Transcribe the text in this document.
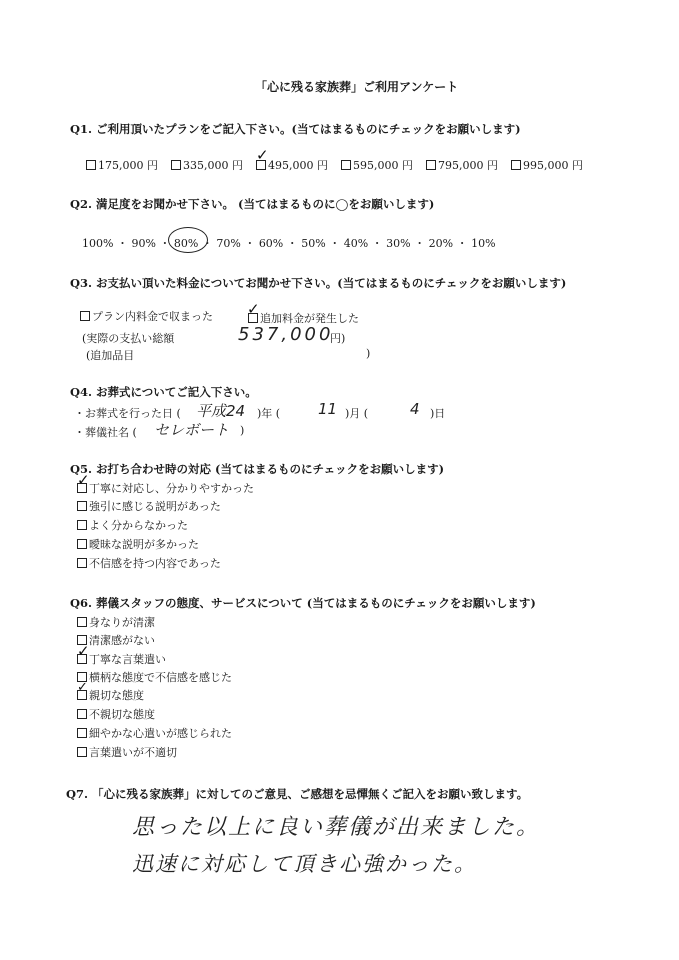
「心に残る家族葬」ご利用アンケート
Q1. ご利用頂いたプランをご記入下さい。(当てはまるものにチェックをお願いします)
175,000 円	335,000 円	495,000 円	595,000 円	795,000 円	995,000 円
✓
Q2. 満足度をお聞かせ下さい。 (当てはまるものに◯をお願いします)
100% ・ 90% ・ 80% ・ 70% ・ 60% ・ 50% ・ 40% ・ 30% ・ 20% ・ 10%
Q3. お支払い頂いた料金についてお聞かせ下さい。(当てはまるものにチェックをお願いします)
プラン内料金で収まった	追加料金が発生した
✓
(実際の支払い総額	537,000
円)
(追加品目	)
Q4. お葬式についてご記入下さい。
・お葬式を行った日 ( 平成24 )年 (	11 )月 (	4 )日
・葬儀社名 ( セレボート )
Q5. お打ち合わせ時の対応 (当てはまるものにチェックをお願いします)
丁寧に対応し、分かりやすかった
強引に感じる説明があった
よく分からなかった
曖昧な説明が多かった
不信感を持つ内容であった
✓
Q6. 葬儀スタッフの態度、サービスについて (当てはまるものにチェックをお願いします)
身なりが清潔
清潔感がない
丁寧な言葉遣い
横柄な態度で不信感を感じた
親切な態度
不親切な態度
細やかな心遣いが感じられた
言葉遣いが不適切
✓
✓
Q7. 「心に残る家族葬」に対してのご意見、ご感想を忌憚無くご記入をお願い致します。
思った以上に良い葬儀が出来ました。
迅速に対応して頂き心強かった。
